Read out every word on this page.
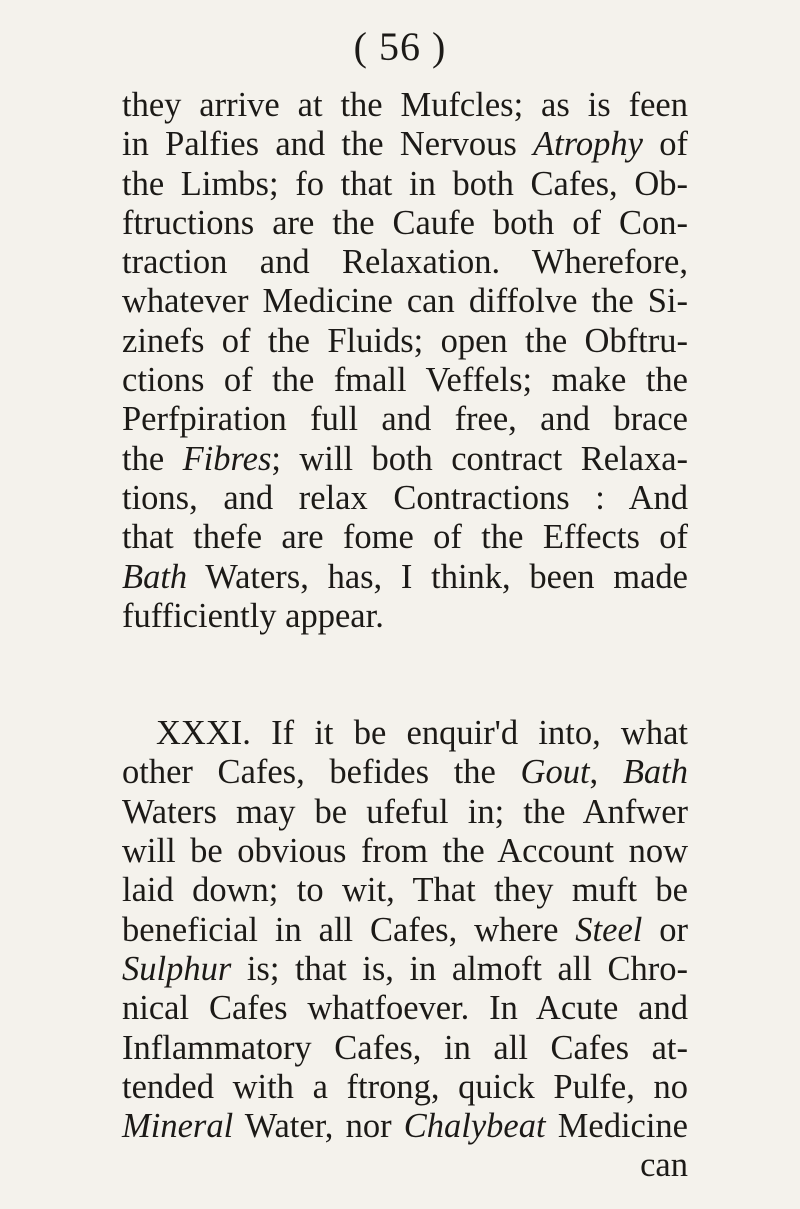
( 56 )
they arrive at the Mufcles; as is feen
in Palfies and the Nervous Atrophy of
the Limbs; fo that in both Cafes, Ob-
ftructions are the Caufe both of Con-
traction and Relaxation. Wherefore,
whatever Medicine can diffolve the Si-
zinefs of the Fluids; open the Obftru-
ctions of the fmall Veffels; make the
Perfpiration full and free, and brace
the Fibres; will both contract Relaxa-
tions, and relax Contractions : And
that thefe are fome of the Effects of
Bath Waters, has, I think, been made
fufficiently appear.
XXXI. If it be enquir'd into, what
other Cafes, befides the Gout, Bath
Waters may be ufeful in; the Anfwer
will be obvious from the Account now
laid down; to wit, That they muft be
beneficial in all Cafes, where Steel or
Sulphur is; that is, in almoft all Chro-
nical Cafes whatfoever. In Acute and
Inflammatory Cafes, in all Cafes at-
tended with a ftrong, quick Pulfe, no
Mineral Water, nor Chalybeat Medicine
can
